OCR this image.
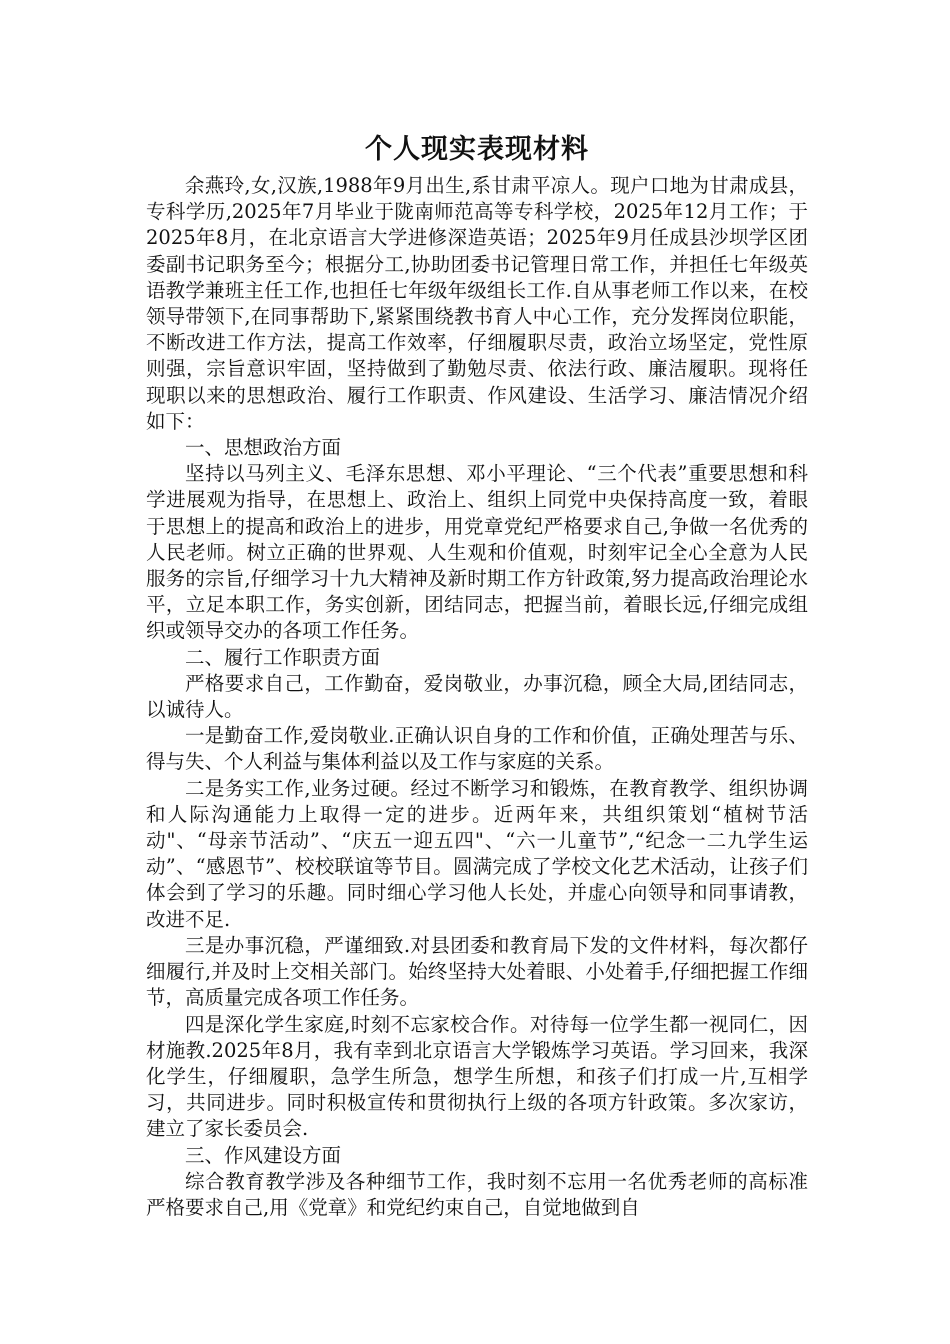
个人现实表现材料

余燕玲,女,汉族,1988年9月出生,系甘肃平凉人。现户口地为甘肃成县，专科学历,2025年7月毕业于陇南师范高等专科学校，2025年12月工作；于2025年8月，在北京语言大学进修深造英语；2025年9月任成县沙坝学区团委副书记职务至今；根据分工,协助团委书记管理日常工作，并担任七年级英语教学兼班主任工作,也担任七年级年级组长工作.自从事老师工作以来，在校领导带领下,在同事帮助下,紧紧围绕教书育人中心工作，充分发挥岗位职能，不断改进工作方法，提高工作效率，仔细履职尽责，政治立场坚定，党性原则强，宗旨意识牢固，坚持做到了勤勉尽责、依法行政、廉洁履职。现将任现职以来的思想政治、履行工作职责、作风建设、生活学习、廉洁情况介绍如下：

一、思想政治方面

坚持以马列主义、毛泽东思想、邓小平理论、“三个代表”重要思想和科学进展观为指导，在思想上、政治上、组织上同党中央保持高度一致，着眼于思想上的提高和政治上的进步，用党章党纪严格要求自己,争做一名优秀的人民老师。树立正确的世界观、人生观和价值观，时刻牢记全心全意为人民服务的宗旨,仔细学习十九大精神及新时期工作方针政策,努力提高政治理论水平，立足本职工作，务实创新，团结同志，把握当前，着眼长远,仔细完成组织或领导交办的各项工作任务。

二、履行工作职责方面

严格要求自己，工作勤奋，爱岗敬业，办事沉稳，顾全大局,团结同志，以诚待人。

一是勤奋工作,爱岗敬业.正确认识自身的工作和价值，正确处理苦与乐、得与失、个人利益与集体利益以及工作与家庭的关系。

二是务实工作,业务过硬。经过不断学习和锻炼，在教育教学、组织协调和人际沟通能力上取得一定的进步。近两年来，共组织策划“植树节活动"、“母亲节活动”、“庆五一迎五四"、“六一儿童节”,“纪念一二九学生运动”、“感恩节”、校校联谊等节目。圆满完成了学校文化艺术活动，让孩子们体会到了学习的乐趣。同时细心学习他人长处，并虚心向领导和同事请教，改进不足.

三是办事沉稳，严谨细致.对县团委和教育局下发的文件材料，每次都仔细履行,并及时上交相关部门。始终坚持大处着眼、小处着手,仔细把握工作细节，高质量完成各项工作任务。

四是深化学生家庭,时刻不忘家校合作。对待每一位学生都一视同仁，因材施教.2025年8月，我有幸到北京语言大学锻炼学习英语。学习回来，我深化学生，仔细履职，急学生所急，想学生所想，和孩子们打成一片,互相学习，共同进步。同时积极宣传和贯彻执行上级的各项方针政策。多次家访，建立了家长委员会.

三、作风建设方面

综合教育教学涉及各种细节工作，我时刻不忘用一名优秀老师的高标准严格要求自己,用《党章》和党纪约束自己，自觉地做到自
